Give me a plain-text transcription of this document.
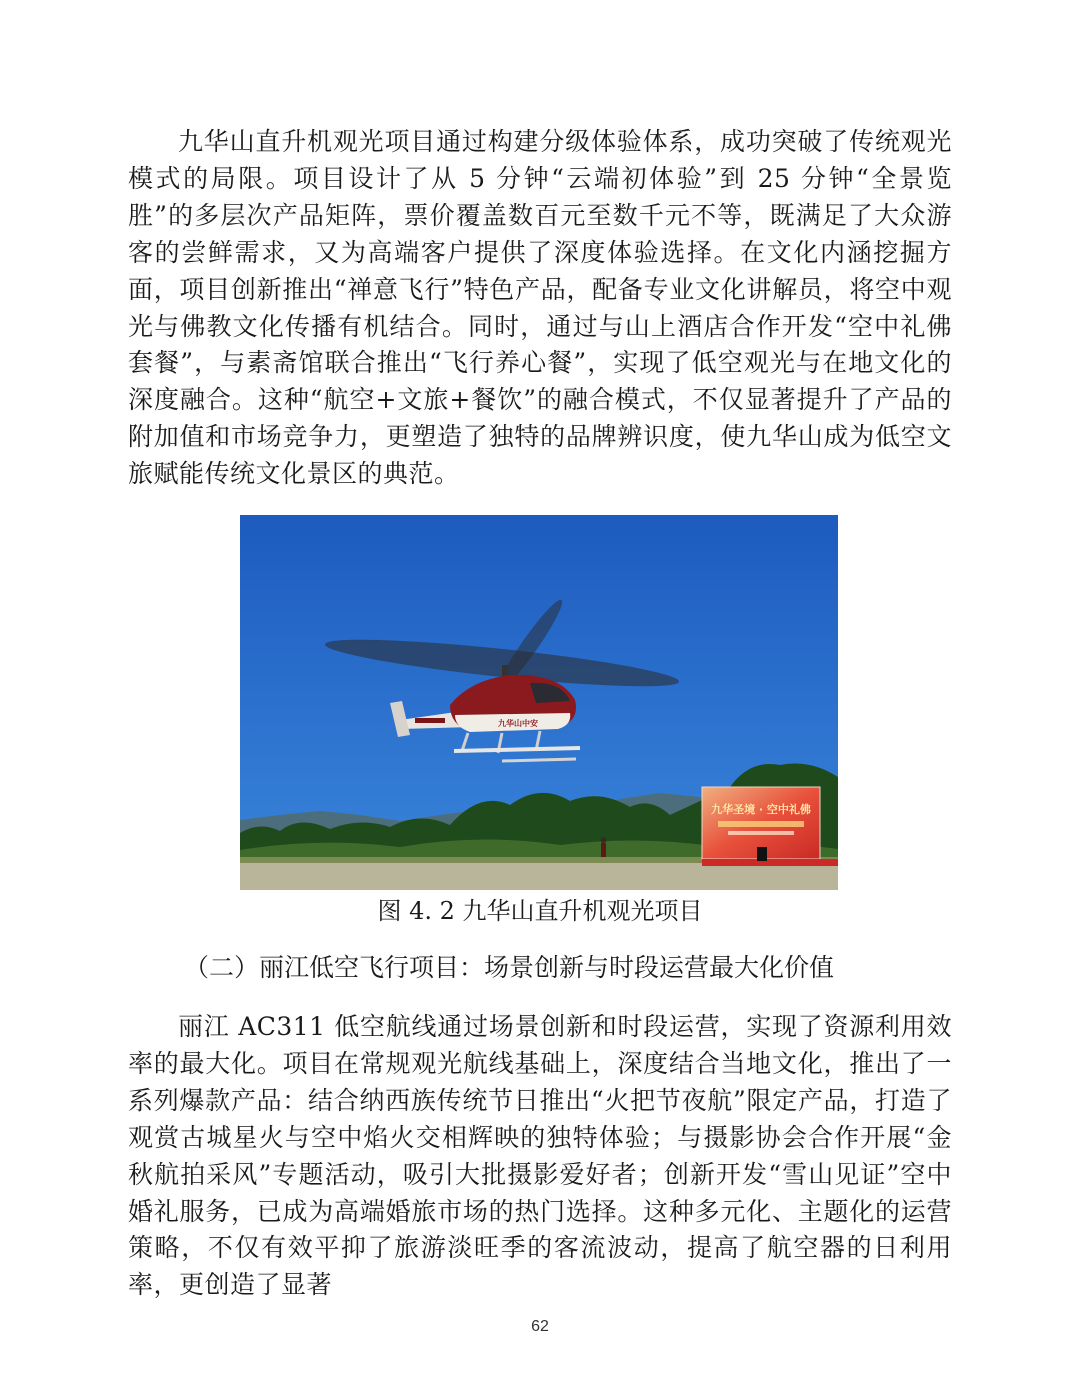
九华山直升机观光项目通过构建分级体验体系，成功突破了传统观光模式的局限。项目设计了从 5 分钟“云端初体验”到 25 分钟“全景览胜”的多层次产品矩阵，票价覆盖数百元至数千元不等，既满足了大众游客的尝鲜需求，又为高端客户提供了深度体验选择。在文化内涵挖掘方面，项目创新推出“禅意飞行”特色产品，配备专业文化讲解员，将空中观光与佛教文化传播有机结合。同时，通过与山上酒店合作开发“空中礼佛套餐”，与素斋馆联合推出“飞行养心餐”，实现了低空观光与在地文化的深度融合。这种“航空+文旅+餐饮”的融合模式，不仅显著提升了产品的附加值和市场竞争力，更塑造了独特的品牌辨识度，使九华山成为低空文旅赋能传统文化景区的典范。

九华圣境 · 空中礼佛
九华山中安

图 4. 2 九华山直升机观光项目

（二）丽江低空飞行项目：场景创新与时段运营最大化价值

丽江 AC311 低空航线通过场景创新和时段运营，实现了资源利用效率的最大化。项目在常规观光航线基础上，深度结合当地文化，推出了一系列爆款产品：结合纳西族传统节日推出“火把节夜航”限定产品，打造了观赏古城星火与空中焰火交相辉映的独特体验；与摄影协会合作开展“金秋航拍采风”专题活动，吸引大批摄影爱好者；创新开发“雪山见证”空中婚礼服务，已成为高端婚旅市场的热门选择。这种多元化、主题化的运营策略，不仅有效平抑了旅游淡旺季的客流波动，提高了航空器的日利用率，更创造了显著

62
